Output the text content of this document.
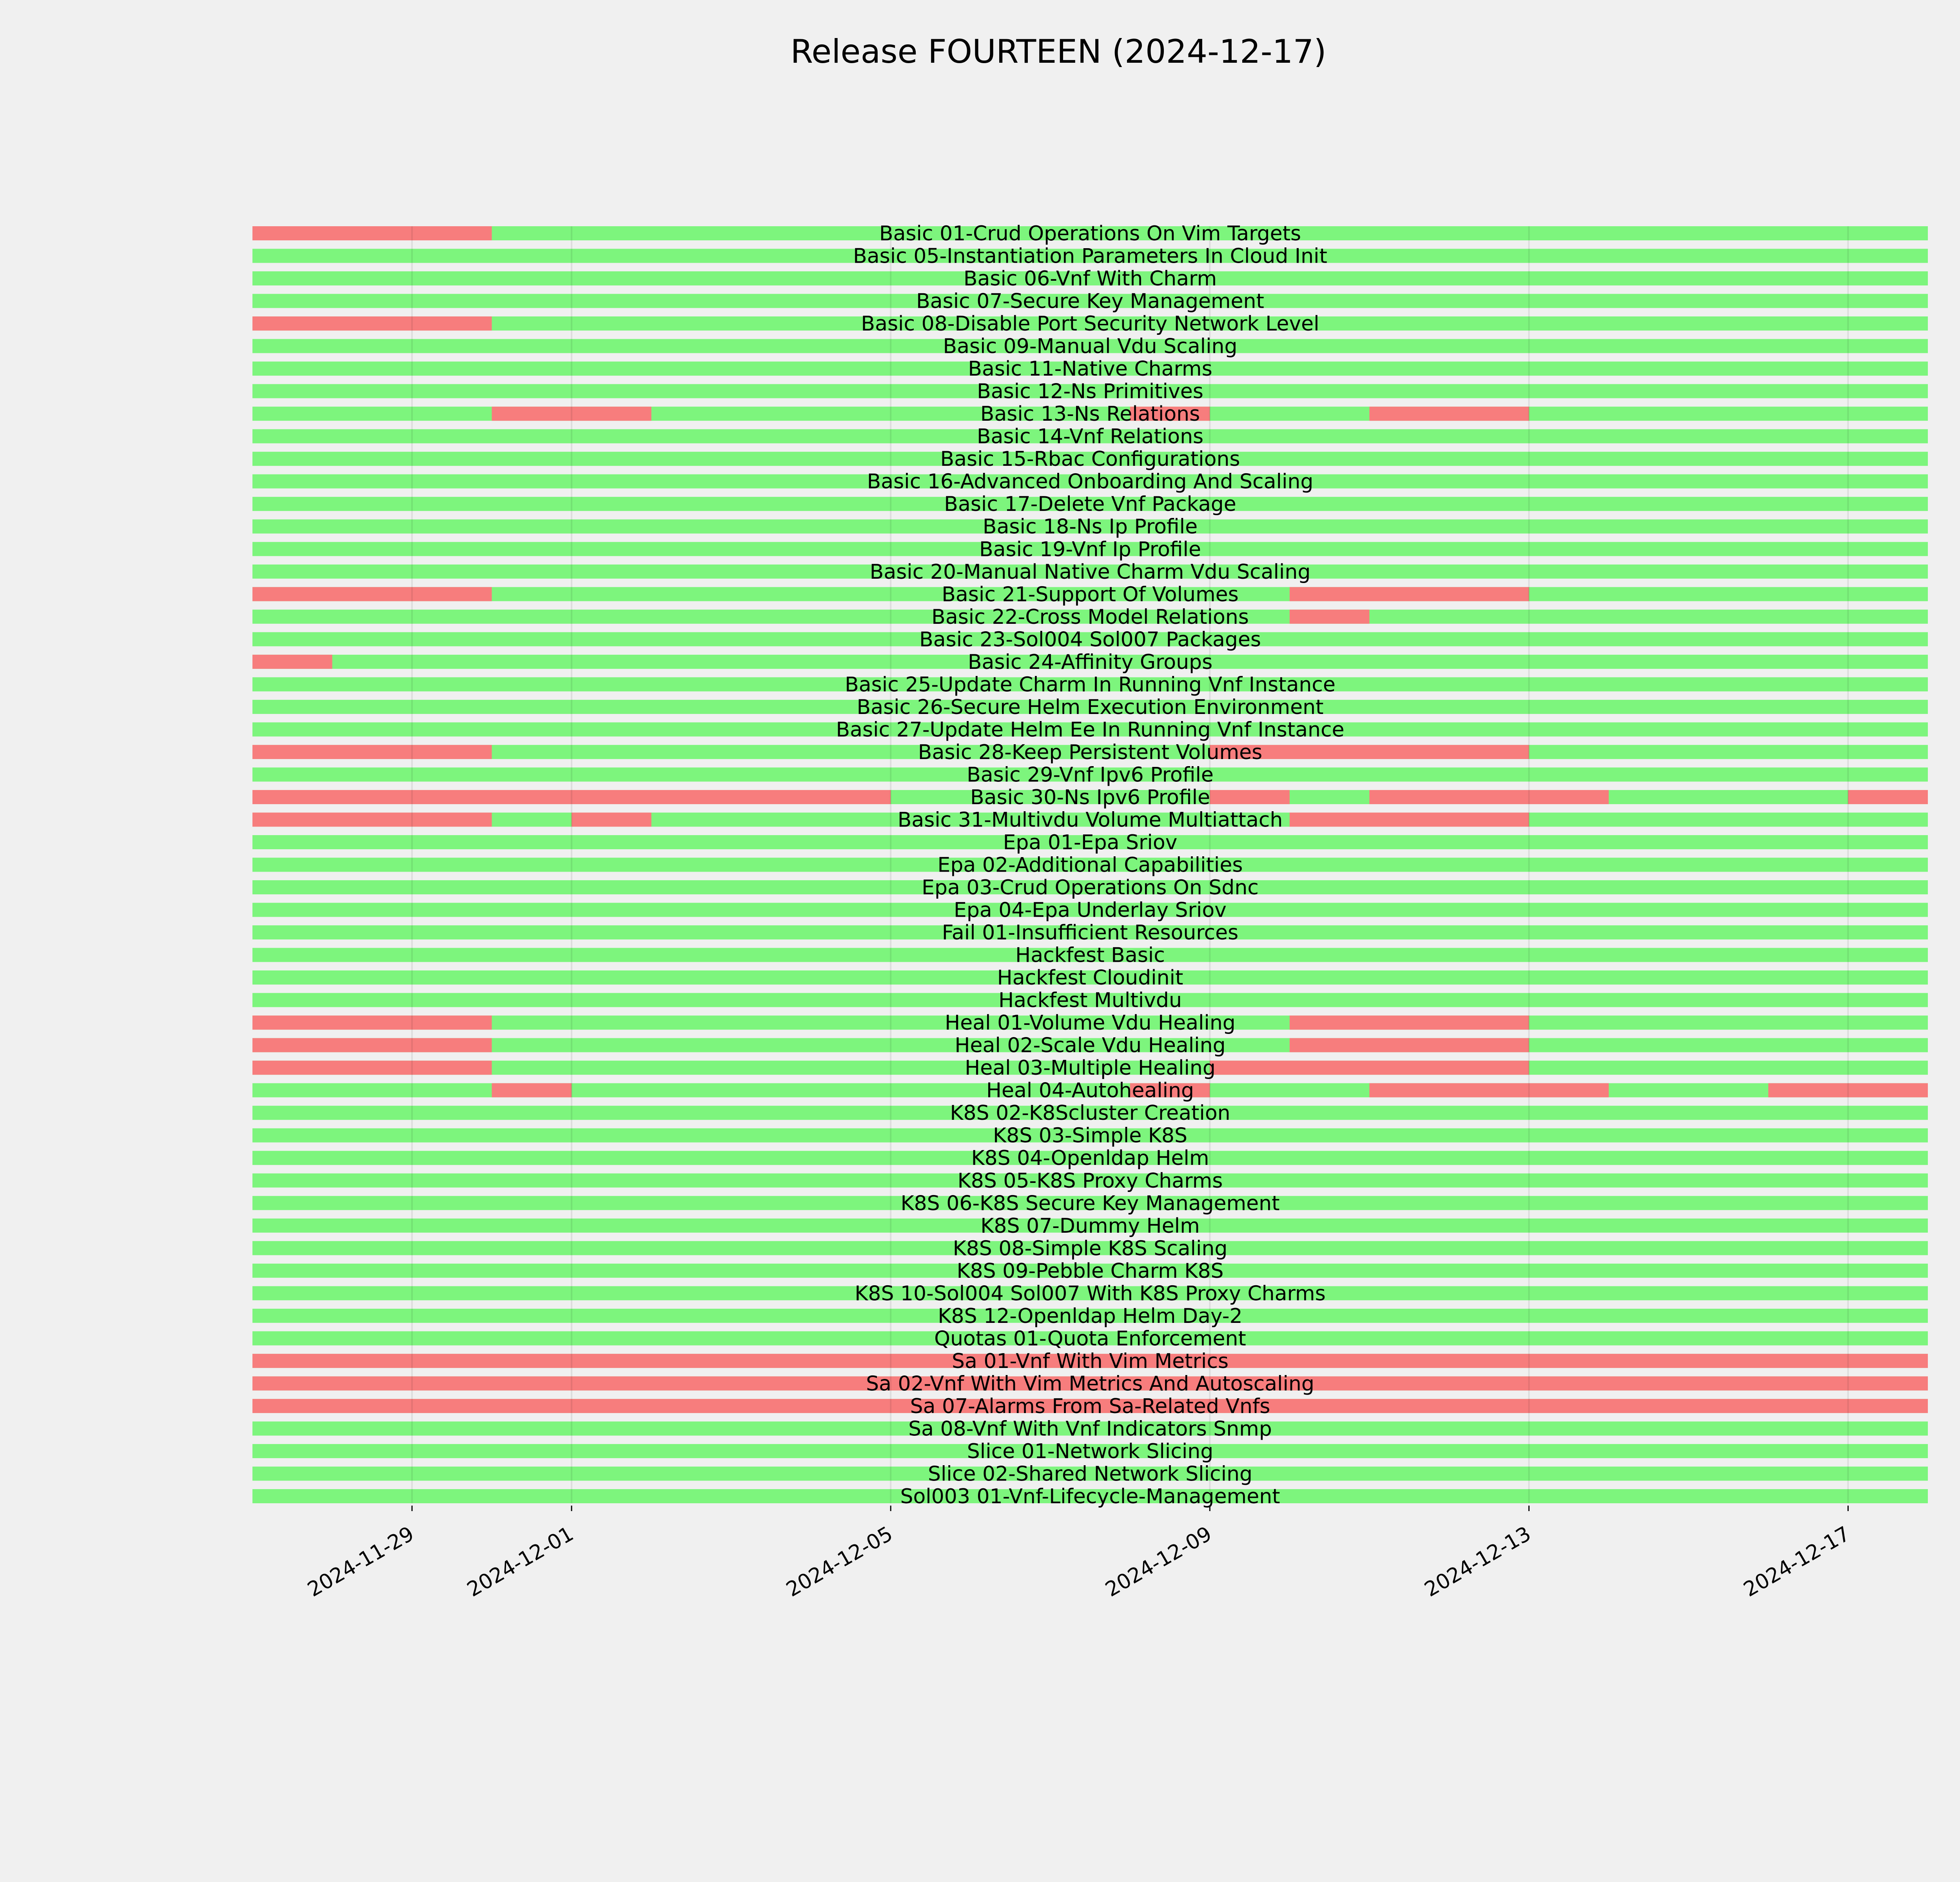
Release FOURTEEN (2024-12-17)
Basic 01-Crud Operations On Vim Targets
Basic 05-Instantiation Parameters In Cloud Init
Basic 06-Vnf With Charm
Basic 07-Secure Key Management
Basic 08-Disable Port Security Network Level
Basic 09-Manual Vdu Scaling
Basic 11-Native Charms
Basic 12-Ns Primitives
Basic 13-Ns Relations
Basic 14-Vnf Relations
Basic 15-Rbac Configurations
Basic 16-Advanced Onboarding And Scaling
Basic 17-Delete Vnf Package
Basic 18-Ns Ip Profile
Basic 19-Vnf Ip Profile
Basic 20-Manual Native Charm Vdu Scaling
Basic 21-Support Of Volumes
Basic 22-Cross Model Relations
Basic 23-Sol004 Sol007 Packages
Basic 24-Affinity Groups
Basic 25-Update Charm In Running Vnf Instance
Basic 26-Secure Helm Execution Environment
Basic 27-Update Helm Ee In Running Vnf Instance
Basic 28-Keep Persistent Volumes
Basic 29-Vnf Ipv6 Profile
Basic 30-Ns Ipv6 Profile
Basic 31-Multivdu Volume Multiattach
Epa 01-Epa Sriov
Epa 02-Additional Capabilities
Epa 03-Crud Operations On Sdnc
Epa 04-Epa Underlay Sriov
Fail 01-Insufficient Resources
Hackfest Basic
Hackfest Cloudinit
Hackfest Multivdu
Heal 01-Volume Vdu Healing
Heal 02-Scale Vdu Healing
Heal 03-Multiple Healing
Heal 04-Autohealing
K8S 02-K8Scluster Creation
K8S 03-Simple K8S
K8S 04-Openldap Helm
K8S 05-K8S Proxy Charms
K8S 06-K8S Secure Key Management
K8S 07-Dummy Helm
K8S 08-Simple K8S Scaling
K8S 09-Pebble Charm K8S
K8S 10-Sol004 Sol007 With K8S Proxy Charms
K8S 12-Openldap Helm Day-2
Quotas 01-Quota Enforcement
Sa 01-Vnf With Vim Metrics
Sa 02-Vnf With Vim Metrics And Autoscaling
Sa 07-Alarms From Sa-Related Vnfs
Sa 08-Vnf With Vnf Indicators Snmp
Slice 01-Network Slicing
Slice 02-Shared Network Slicing
Sol003 01-Vnf-Lifecycle-Management
2024-11-29 2024-12-01	2024-12-05	2024-12-09	2024-12-13	2024-12-17
